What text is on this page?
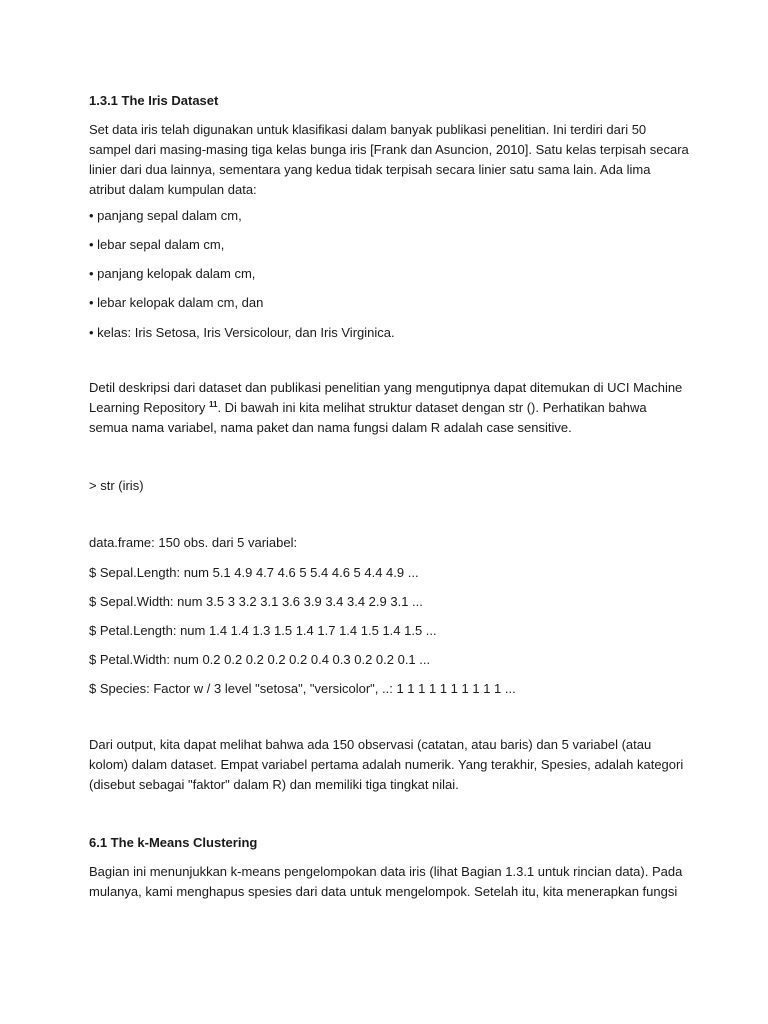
1.3.1 The Iris Dataset

Set data iris telah digunakan untuk klasifikasi dalam banyak publikasi penelitian. Ini terdiri dari 50 sampel dari masing-masing tiga kelas bunga iris [Frank dan Asuncion, 2010]. Satu kelas terpisah secara linier dari dua lainnya, sementara yang kedua tidak terpisah secara linier satu sama lain. Ada lima atribut dalam kumpulan data:

• panjang sepal dalam cm,

• lebar sepal dalam cm,

• panjang kelopak dalam cm,

• lebar kelopak dalam cm, dan

• kelas: Iris Setosa, Iris Versicolour, dan Iris Virginica.

Detil deskripsi dari dataset dan publikasi penelitian yang mengutipnya dapat ditemukan di UCI Machine Learning Repository $^{11}$. Di bawah ini kita melihat struktur dataset dengan str (). Perhatikan bahwa semua nama variabel, nama paket dan nama fungsi dalam R adalah case sensitive.

> str (iris)

data.frame: 150 obs. dari 5 variabel:

$ Sepal.Length: num 5.1 4.9 4.7 4.6 5 5.4 4.6 5 4.4 4.9 ...

$ Sepal.Width: num 3.5 3 3.2 3.1 3.6 3.9 3.4 3.4 2.9 3.1 ...

$ Petal.Length: num 1.4 1.4 1.3 1.5 1.4 1.7 1.4 1.5 1.4 1.5 ...

$ Petal.Width: num 0.2 0.2 0.2 0.2 0.2 0.4 0.3 0.2 0.2 0.1 ...

$ Species: Factor w / 3 level "setosa", "versicolor", ..: 1 1 1 1 1 1 1 1 1 1 ...

Dari output, kita dapat melihat bahwa ada 150 observasi (catatan, atau baris) dan 5 variabel (atau kolom) dalam dataset. Empat variabel pertama adalah numerik. Yang terakhir, Spesies, adalah kategori (disebut sebagai "faktor" dalam R) dan memiliki tiga tingkat nilai.

6.1 The k-Means Clustering

Bagian ini menunjukkan k-means pengelompokan data iris (lihat Bagian 1.3.1 untuk rincian data). Pada mulanya, kami menghapus spesies dari data untuk mengelompok. Setelah itu, kita menerapkan fungsi
